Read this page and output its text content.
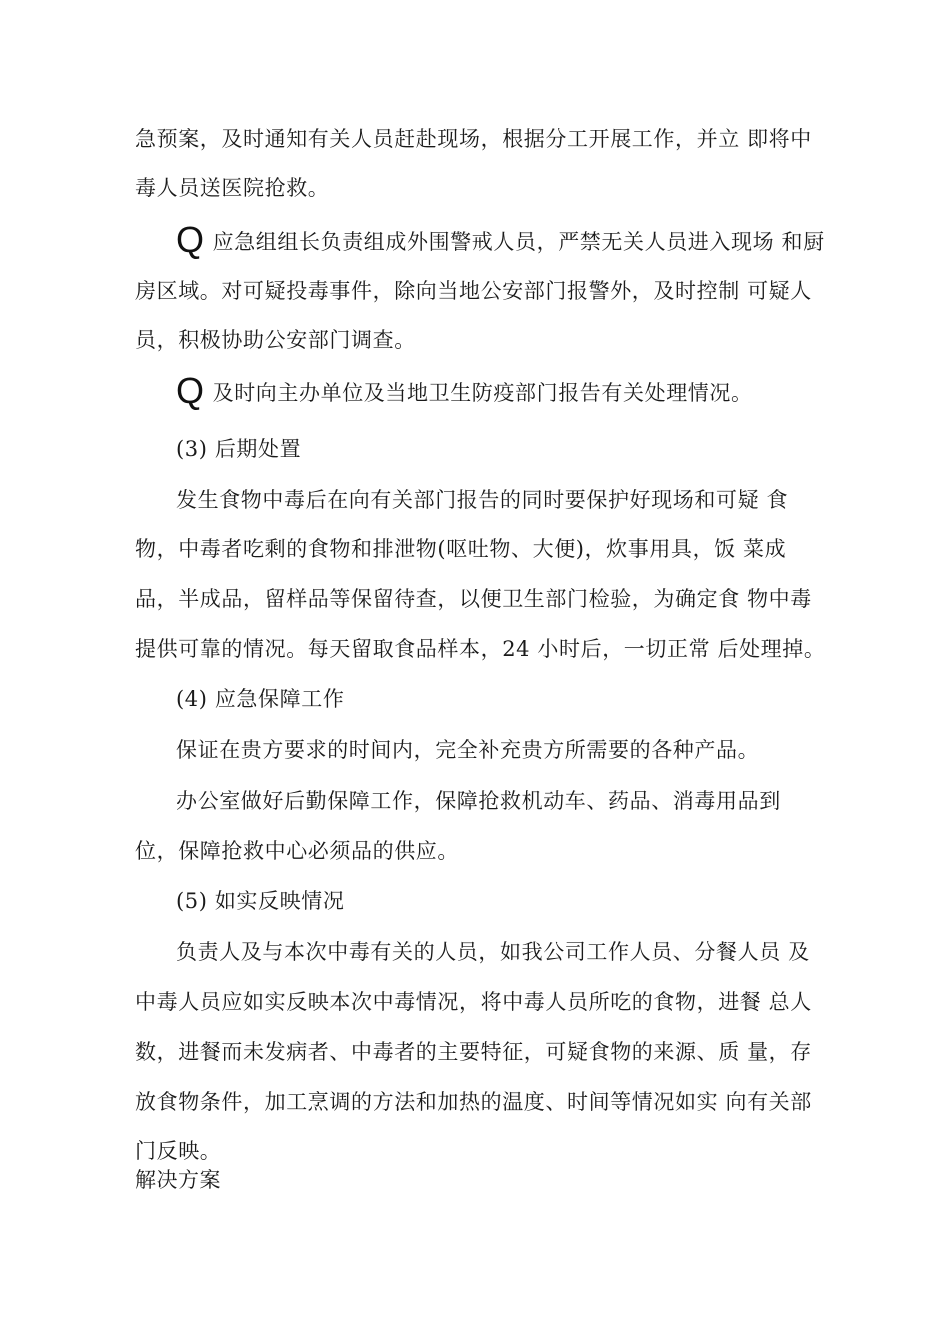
急预案，及时通知有关人员赶赴现场，根据分工开展工作，并立 即将中
毒人员送医院抢救。
Q应急组组长负责组成外围警戒人员，严禁无关人员进入现场 和厨
房区域。对可疑投毒事件，除向当地公安部门报警外，及时控制 可疑人
员，积极协助公安部门调查。
Q及时向主办单位及当地卫生防疫部门报告有关处理情况。
(3) 后期处置
发生食物中毒后在向有关部门报告的同时要保护好现场和可疑 食
物，中毒者吃剩的食物和排泄物(呕吐物、大便)，炊事用具，饭 菜成
品，半成品，留样品等保留待查，以便卫生部门检验，为确定食 物中毒
提供可靠的情况。每天留取食品样本，24 小时后，一切正常 后处理掉。
(4) 应急保障工作
保证在贵方要求的时间内，完全补充贵方所需要的各种产品。
办公室做好后勤保障工作，保障抢救机动车、药品、消毒用品到
位，保障抢救中心必须品的供应。
(5) 如实反映情况
负责人及与本次中毒有关的人员，如我公司工作人员、分餐人员 及
中毒人员应如实反映本次中毒情况，将中毒人员所吃的食物，进餐 总人
数，进餐而未发病者、中毒者的主要特征，可疑食物的来源、质 量，存
放食物条件，加工烹调的方法和加热的温度、时间等情况如实 向有关部
门反映。
解决方案
